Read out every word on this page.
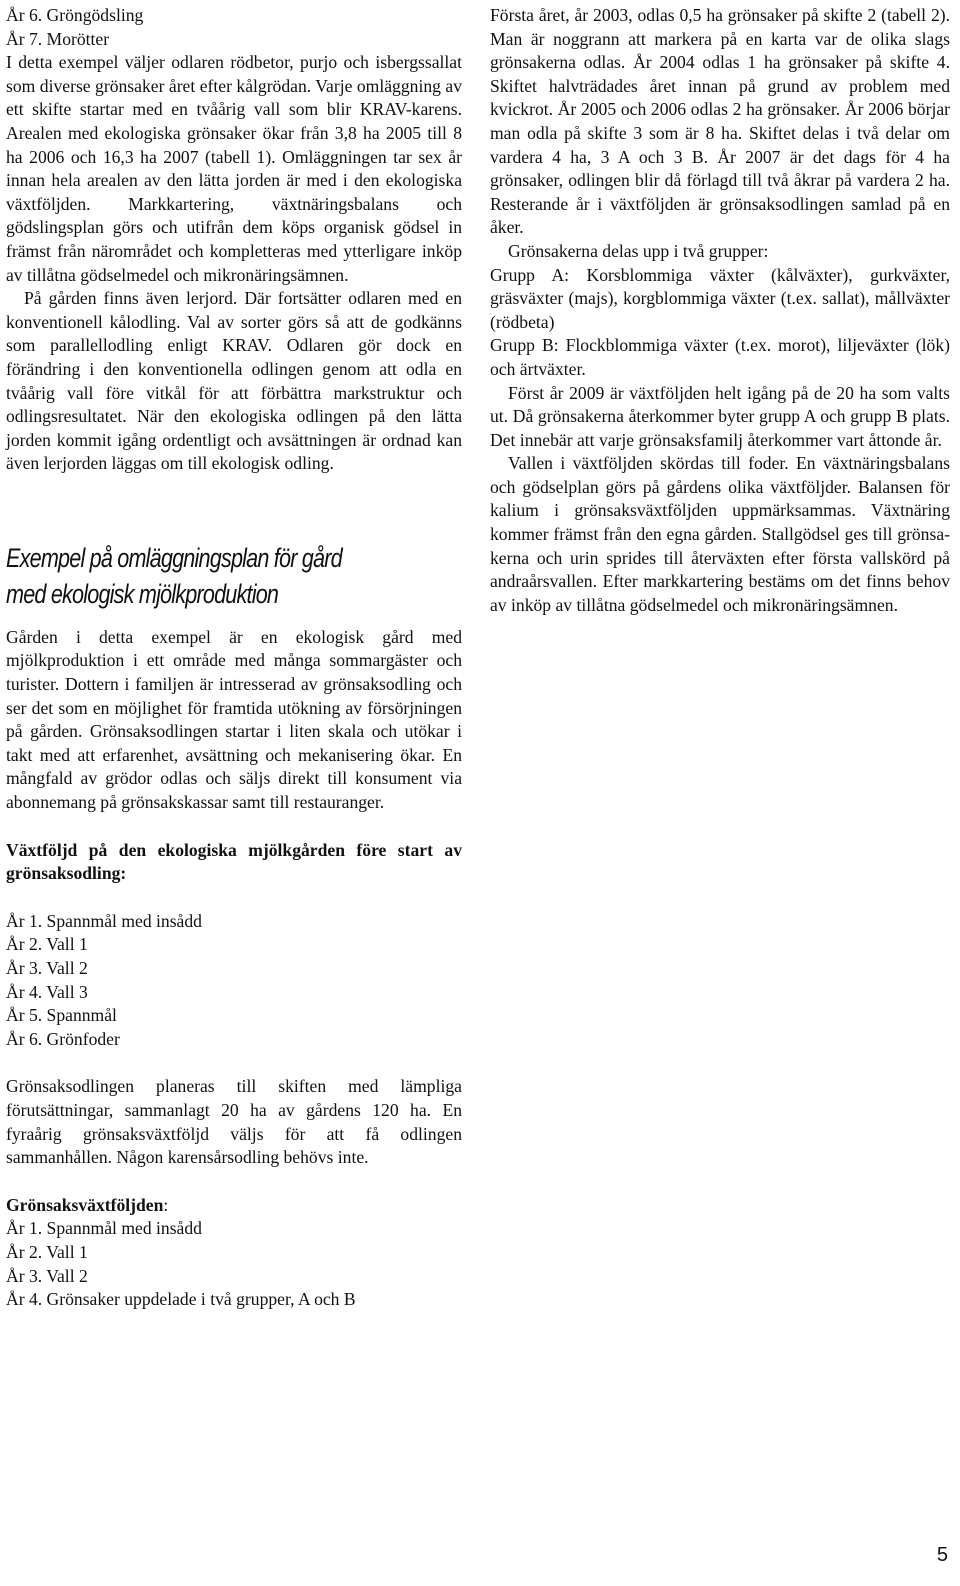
År 6. Gröngödsling
År 7. Morötter

I detta exempel väljer odlaren rödbetor, purjo och isbergssallat som diverse grönsaker året efter kålgrödan. Varje omläggning av ett skifte startar med en tvåårig vall som blir KRAV-karens. Arealen med ekologiska grönsaker ökar från 3,8 ha 2005 till 8 ha 2006 och 16,3 ha 2007 (tabell 1). Omläggningen tar sex år innan hela arealen av den lätta jorden är med i den ekologiska växtföljden. Markkartering, växtnäringsbalans och gödslingsplan görs och utifrån dem köps organisk gödsel in främst från närområdet och kompletteras med ytterligare inköp av tillåtna gödselmedel och mikronäringsämnen.

På gården finns även lerjord. Där fortsätter odlaren med en konventionell kålodling. Val av sorter görs så att de godkänns som parallellodling enligt KRAV. Odlaren gör dock en förändring i den konventionella odlingen genom att odla en tvåårig vall före vitkål för att förbättra markstruktur och odlingsresultatet. När den ekologiska odlingen på den lätta jorden kommit igång ordentligt och avsättningen är ordnad kan även lerjorden läggas om till ekologisk odling.

Exempel på omläggningsplan för gård
med ekologisk mjölkproduktion

Gården i detta exempel är en ekologisk gård med mjölkproduktion i ett område med många sommargäster och turister. Dottern i familjen är intresserad av grönsaksodling och ser det som en möjlighet för framtida utökning av försörjningen på gården. Grönsaksodlingen startar i liten skala och utökar i takt med att erfarenhet, avsättning och mekanisering ökar. En mångfald av grödor odlas och säljs direkt till konsument via abonnemang på grönsakskassar samt till restauranger.

Växtföljd på den ekologiska mjölkgården före start av grönsaksodling:

År 1. Spannmål med insådd
År 2. Vall 1
År 3. Vall 2
År 4. Vall 3
År 5. Spannmål
År 6. Grönfoder

Grönsaksodlingen planeras till skiften med lämpliga förutsättningar, sammanlagt 20 ha av gårdens 120 ha. En fyraårig grönsaksväxtföljd väljs för att få odlingen sammanhållen. Någon karensårsodling behövs inte.

Grönsaksväxtföljden:
År 1. Spannmål med insådd
År 2. Vall 1
År 3. Vall 2
År 4. Grönsaker uppdelade i två grupper, A och B

Första året, år 2003, odlas 0,5 ha grönsaker på skifte 2 (tabell 2). Man är noggrann att markera på en karta var de olika slags grönsakerna odlas. År 2004 odlas 1 ha grönsaker på skifte 4. Skiftet halvträdades året innan på grund av problem med kvickrot. År 2005 och 2006 odlas 2 ha grönsaker. År 2006 börjar man odla på skifte 3 som är 8 ha. Skiftet delas i två delar om vardera 4 ha, 3 A och 3 B. År 2007 är det dags för 4 ha grönsaker, odlingen blir då förlagd till två åkrar på vardera 2 ha. Resterande år i växtföljden är grönsaksodlingen samlad på en åker.

Grönsakerna delas upp i två grupper:

Grupp A: Korsblommiga växter (kålväxter), gurkväxter, gräsväxter (majs), korgblommiga växter (t.ex. sallat), mållväxter (rödbeta)

Grupp B: Flockblommiga växter (t.ex. morot), liljeväxter (lök) och ärtväxter.

Först år 2009 är växtföljden helt igång på de 20 ha som valts ut. Då grönsakerna återkommer byter grupp A och grupp B plats. Det innebär att varje grönsaksfamilj återkommer vart åttonde år.

Vallen i växtföljden skördas till foder. En växtnäringsbalans och gödselplan görs på gårdens olika växtföljder. Balansen för kalium i grönsaksväxtföljden uppmärksammas. Växtnäring kommer främst från den egna gården. Stallgödsel ges till grönsakerna och urin sprides till återväxten efter första vallskörd på andraårsvallen. Efter markkartering bestäms om det finns behov av inköp av tillåtna gödselmedel och mikronäringsämnen.

5
